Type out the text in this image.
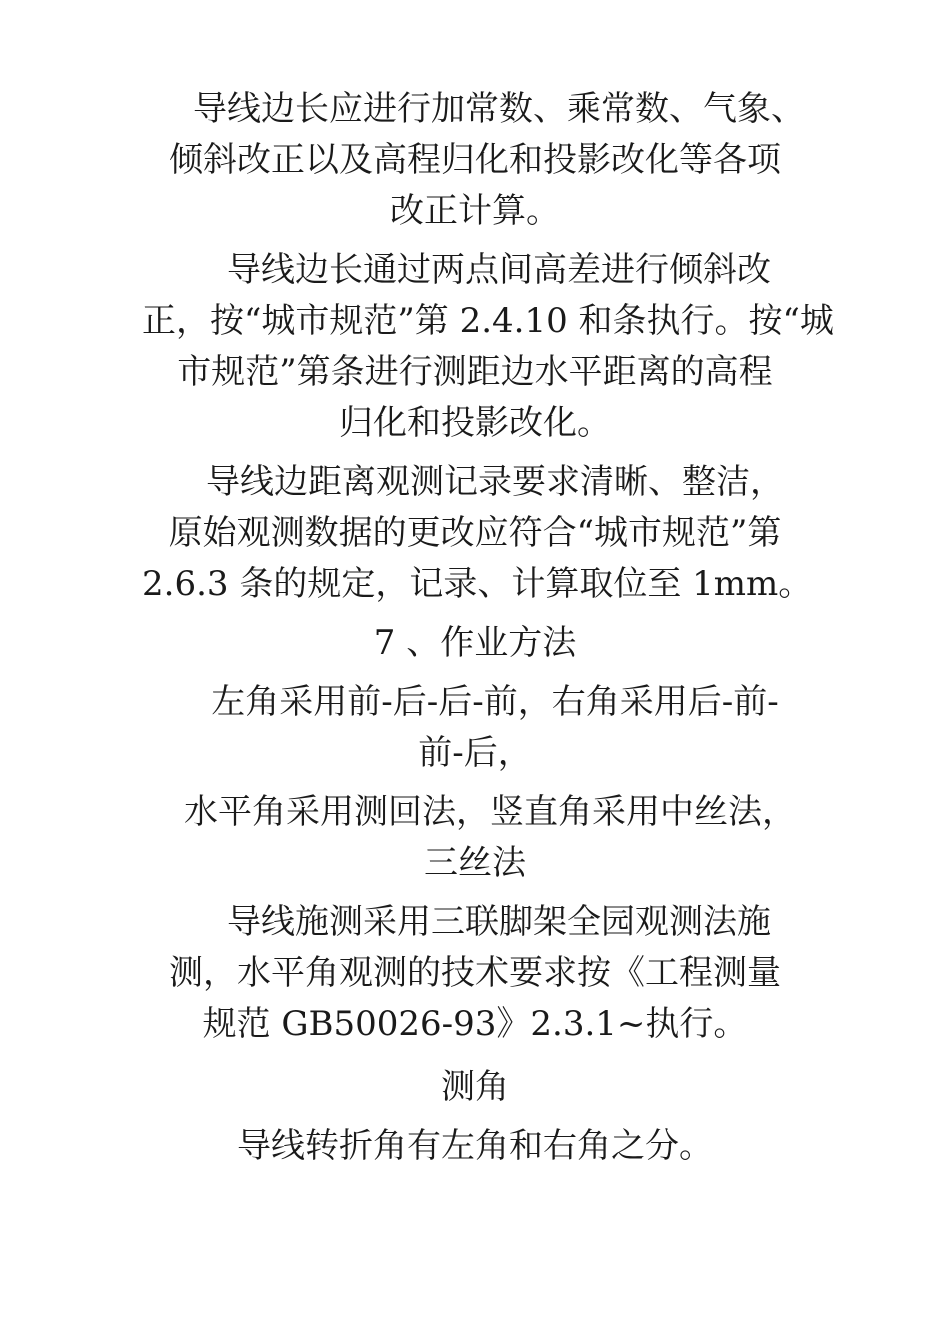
导线边长应进行加常数、乘常数、气象、
倾斜改正以及高程归化和投影改化等各项
改正计算。
导线边长通过两点间高差进行倾斜改
正，按“城市规范”第 2.4.10 和条执行。按“城
市规范”第条进行测距边水平距离的高程
归化和投影改化。
导线边距离观测记录要求清晰、整洁，
原始观测数据的更改应符合“城市规范”第
2.6.3 条的规定，记录、计算取位至 1mm。
7 、作业方法
左角采用前-后-后-前，右角采用后-前-
前-后，
水平角采用测回法，竖直角采用中丝法，
三丝法
导线施测采用三联脚架全园观测法施
测，水平角观测的技术要求按《工程测量
规范 GB50026-93》2.3.1~执行。
测角
导线转折角有左角和右角之分。
